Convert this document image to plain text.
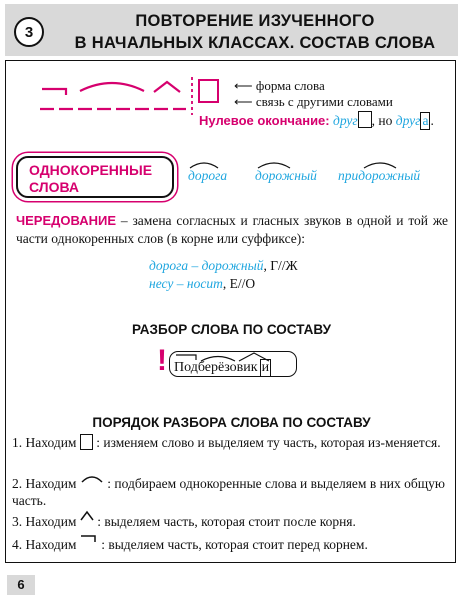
3
ПОВТОРЕНИЕ ИЗУЧЕННОГО
В НАЧАЛЬНЫХ КЛАССАХ. СОСТАВ СЛОВА
⟵ форма слова
⟵ связь с другими словами
Нулевое окончание: друг , но друг а .
ОДНОКОРЕННЫЕ
СЛОВА
дорога дорожный придорожный
ЧЕРЕДОВАНИЕ – замена согласных и гласных звуков в одной и той же части однокоренных слов (в корне или суффиксе):
дорога – дорожный, Г//Ж
несу – носит, Е//О
РАЗБОР СЛОВА ПО СОСТАВУ
! Подберёзовик и
ПОРЯДОК РАЗБОРА СЛОВА ПО СОСТАВУ
1. Находим : изменяем слово и выделяем ту часть, которая из-меняется.
2. Находим : подбираем однокоренные слова и выделяем в них общую часть.
3. Находим : выделяем часть, которая стоит после корня.
4. Находим : выделяем часть, которая стоит перед корнем.
6
